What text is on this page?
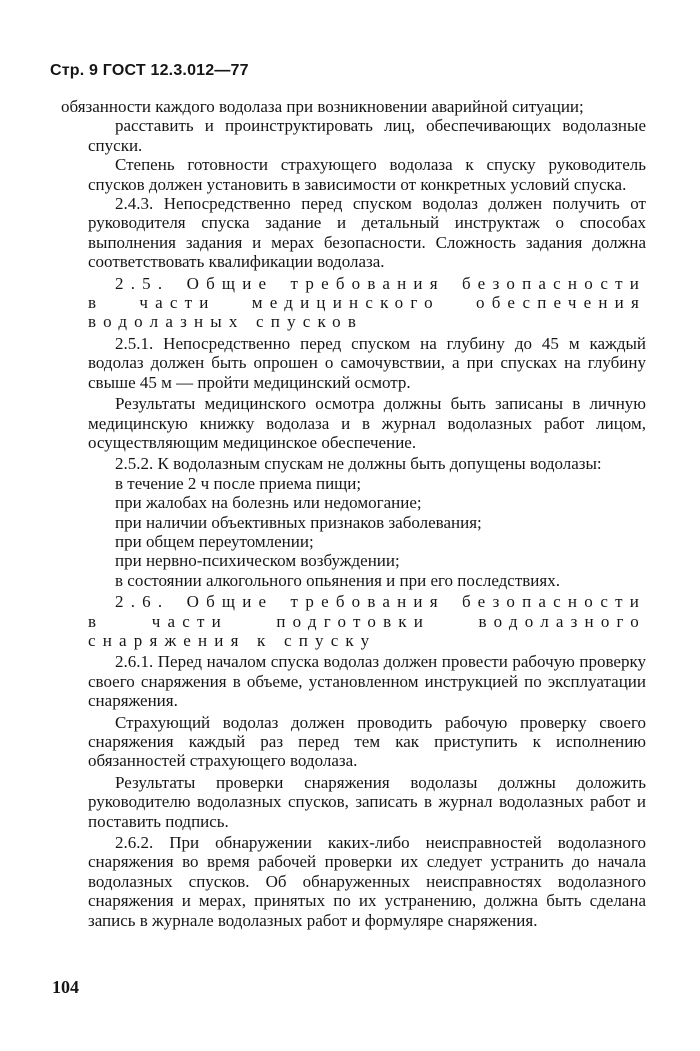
Стр. 9 ГОСТ 12.3.012—77

обязанности каждого водолаза при возникновении аварийной ситуации;

расставить и проинструктировать лиц, обеспечивающих водолазные спуски.

Степень готовности страхующего водолаза к спуску руководитель спусков должен установить в зависимости от конкретных условий спуска.

2.4.3. Непосредственно перед спуском водолаз должен получить от руководителя спуска задание и детальный инструктаж о способах выполнения задания и мерах безопасности. Сложность задания должна соответствовать квалификации водолаза.

2.5. Общие требования безопасности в части медицинского обеспечения водолазных спусков

2.5.1. Непосредственно перед спуском на глубину до 45 м каждый водолаз должен быть опрошен о самочувствии, а при спусках на глубину свыше 45 м — пройти медицинский осмотр.

Результаты медицинского осмотра должны быть записаны в личную медицинскую книжку водолаза и в журнал водолазных работ лицом, осуществляющим медицинское обеспечение.

2.5.2. К водолазным спускам не должны быть допущены водолазы:

в течение 2 ч после приема пищи;
при жалобах на болезнь или недомогание;
при наличии объективных признаков заболевания;
при общем переутомлении;
при нервно-психическом возбуждении;
в состоянии алкогольного опьянения и при его последствиях.

2.6. Общие требования безопасности в части подготовки водолазного снаряжения к спуску

2.6.1. Перед началом спуска водолаз должен провести рабочую проверку своего снаряжения в объеме, установленном инструкцией по эксплуатации снаряжения.

Страхующий водолаз должен проводить рабочую проверку своего снаряжения каждый раз перед тем как приступить к исполнению обязанностей страхующего водолаза.

Результаты проверки снаряжения водолазы должны доложить руководителю водолазных спусков, записать в журнал водолазных работ и поставить подпись.

2.6.2. При обнаружении каких-либо неисправностей водолазного снаряжения во время рабочей проверки их следует устранить до начала водолазных спусков. Об обнаруженных неисправностях водолазного снаряжения и мерах, принятых по их устранению, должна быть сделана запись в журнале водолазных работ и формуляре снаряжения.

104
